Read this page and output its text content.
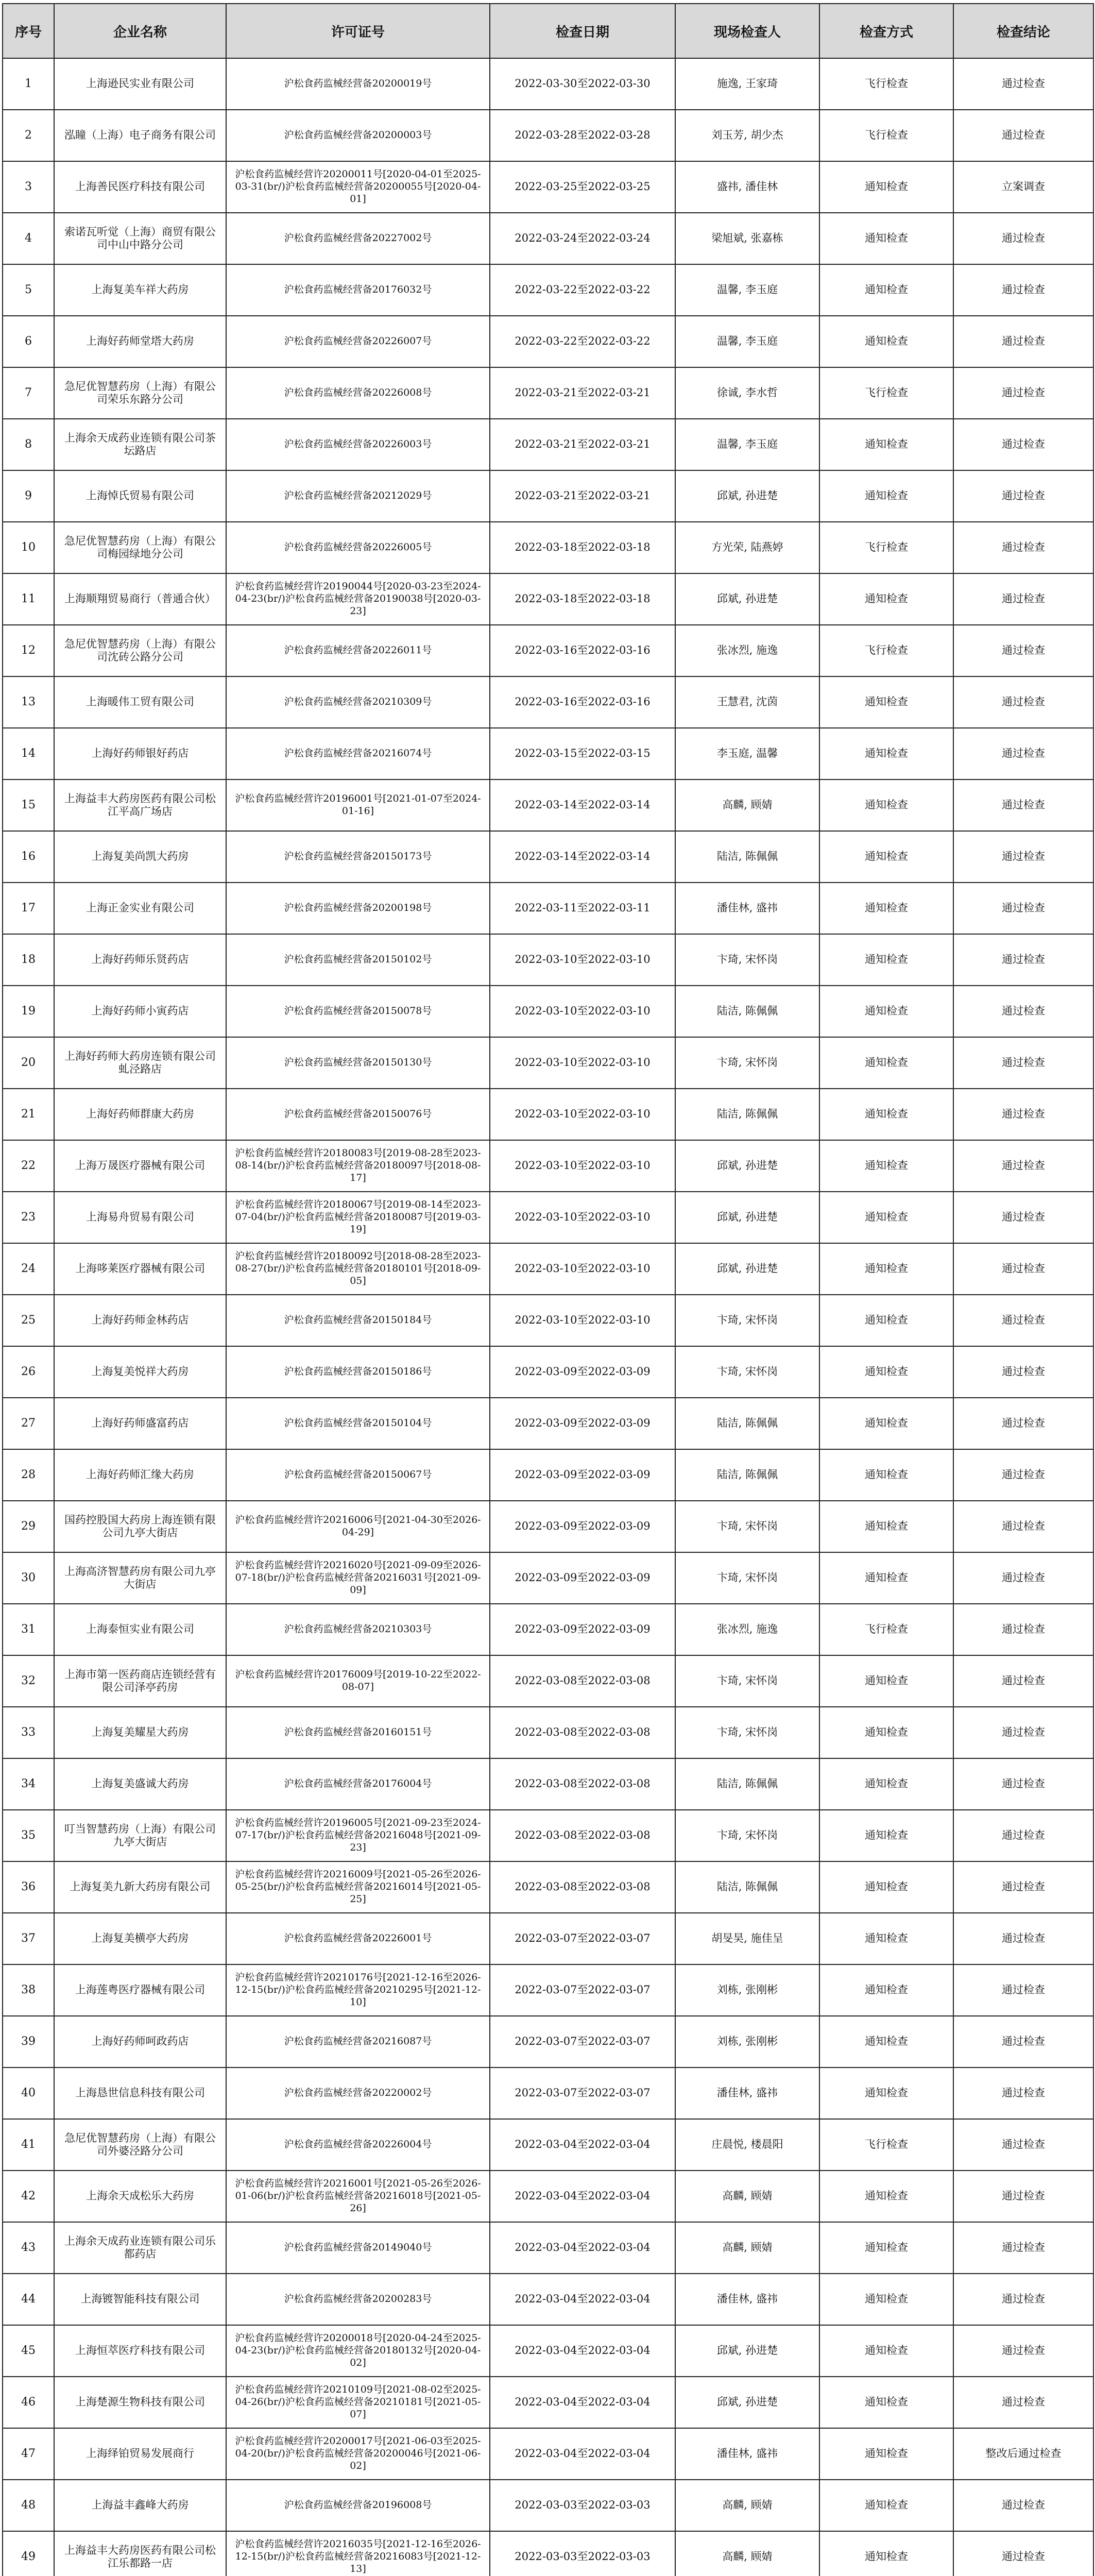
序号	企业名称	许可证号	检查日期	现场检查人	检查方式	检查结论
1	上海逊民实业有限公司	沪松食药监械经营备20200019号	2022-03-30至2022-03-30	施逸, 王家琦	飞行检查	通过检查
2	泓瞳（上海）电子商务有限公司	沪松食药监械经营备20200003号	2022-03-28至2022-03-28	刘玉芳, 胡少杰	飞行检查	通过检查
3	上海善民医疗科技有限公司	沪松食药监械经营许20200011号[2020-04-01至2025-03-31(br/)沪松食药监械经营备20200055号[2020-04-01]	2022-03-25至2022-03-25	盛祎, 潘佳林	通知检查	立案调查
4	索诺瓦听觉（上海）商贸有限公司中山中路分公司	沪松食药监械经营备20227002号	2022-03-24至2022-03-24	梁旭斌, 张嘉栋	通知检查	通过检查
5	上海复美车祥大药房	沪松食药监械经营备20176032号	2022-03-22至2022-03-22	温馨, 李玉庭	通知检查	通过检查
6	上海好药师堂塔大药房	沪松食药监械经营备20226007号	2022-03-22至2022-03-22	温馨, 李玉庭	通知检查	通过检查
7	急尼优智慧药房（上海）有限公司荣乐东路分公司	沪松食药监械经营备20226008号	2022-03-21至2022-03-21	徐诚, 李水哲	飞行检查	通过检查
8	上海余天成药业连锁有限公司茶坛路店	沪松食药监械经营备20226003号	2022-03-21至2022-03-21	温馨, 李玉庭	通知检查	通过检查
9	上海悼氏贸易有限公司	沪松食药监械经营备20212029号	2022-03-21至2022-03-21	邱斌, 孙进楚	通知检查	通过检查
10	急尼优智慧药房（上海）有限公司梅园绿地分公司	沪松食药监械经营备20226005号	2022-03-18至2022-03-18	方光荣, 陆燕婷	飞行检查	通过检查
11	上海顺翔贸易商行（普通合伙）	沪松食药监械经营许20190044号[2020-03-23至2024-04-23(br/)沪松食药监械经营备20190038号[2020-03-23]	2022-03-18至2022-03-18	邱斌, 孙进楚	通知检查	通过检查
12	急尼优智慧药房（上海）有限公司沈砖公路分公司	沪松食药监械经营备20226011号	2022-03-16至2022-03-16	张冰烈, 施逸	飞行检查	通过检查
13	上海暖伟工贸有限公司	沪松食药监械经营备20210309号	2022-03-16至2022-03-16	王慧君, 沈茵	通知检查	通过检查
14	上海好药师银好药店	沪松食药监械经营备20216074号	2022-03-15至2022-03-15	李玉庭, 温馨	通知检查	通过检查
15	上海益丰大药房医药有限公司松江平高广场店	沪松食药监械经营许20196001号[2021-01-07至2024-01-16]	2022-03-14至2022-03-14	高麟, 顾婧	通知检查	通过检查
16	上海复美尚凯大药房	沪松食药监械经营备20150173号	2022-03-14至2022-03-14	陆洁, 陈佩佩	通知检查	通过检查
17	上海正金实业有限公司	沪松食药监械经营备20200198号	2022-03-11至2022-03-11	潘佳林, 盛祎	通知检查	通过检查
18	上海好药师乐贤药店	沪松食药监械经营备20150102号	2022-03-10至2022-03-10	卞琦, 宋怀岗	通知检查	通过检查
19	上海好药师小寅药店	沪松食药监械经营备20150078号	2022-03-10至2022-03-10	陆洁, 陈佩佩	通知检查	通过检查
20	上海好药师大药房连锁有限公司虬泾路店	沪松食药监械经营备20150130号	2022-03-10至2022-03-10	卞琦, 宋怀岗	通知检查	通过检查
21	上海好药师群康大药房	沪松食药监械经营备20150076号	2022-03-10至2022-03-10	陆洁, 陈佩佩	通知检查	通过检查
22	上海万晟医疗器械有限公司	沪松食药监械经营许20180083号[2019-08-28至2023-08-14(br/)沪松食药监械经营备20180097号[2018-08-17]	2022-03-10至2022-03-10	邱斌, 孙进楚	通知检查	通过检查
23	上海易舟贸易有限公司	沪松食药监械经营许20180067号[2019-08-14至2023-07-04(br/)沪松食药监械经营备20180087号[2019-03-19]	2022-03-10至2022-03-10	邱斌, 孙进楚	通知检查	通过检查
24	上海哆莱医疗器械有限公司	沪松食药监械经营许20180092号[2018-08-28至2023-08-27(br/)沪松食药监械经营备20180101号[2018-09-05]	2022-03-10至2022-03-10	邱斌, 孙进楚	通知检查	通过检查
25	上海好药师金林药店	沪松食药监械经营备20150184号	2022-03-10至2022-03-10	卞琦, 宋怀岗	通知检查	通过检查
26	上海复美悦祥大药房	沪松食药监械经营备20150186号	2022-03-09至2022-03-09	卞琦, 宋怀岗	通知检查	通过检查
27	上海好药师盛富药店	沪松食药监械经营备20150104号	2022-03-09至2022-03-09	陆洁, 陈佩佩	通知检查	通过检查
28	上海好药师汇缘大药房	沪松食药监械经营备20150067号	2022-03-09至2022-03-09	陆洁, 陈佩佩	通知检查	通过检查
29	国药控股国大药房上海连锁有限公司九亭大街店	沪松食药监械经营许20216006号[2021-04-30至2026-04-29]	2022-03-09至2022-03-09	卞琦, 宋怀岗	通知检查	通过检查
30	上海高济智慧药房有限公司九亭大街店	沪松食药监械经营许20216020号[2021-09-09至2026-07-18(br/)沪松食药监械经营备20216031号[2021-09-09]	2022-03-09至2022-03-09	卞琦, 宋怀岗	通知检查	通过检查
31	上海泰恒实业有限公司	沪松食药监械经营备20210303号	2022-03-09至2022-03-09	张冰烈, 施逸	飞行检查	通过检查
32	上海市第一医药商店连锁经营有限公司泽亭药房	沪松食药监械经营许20176009号[2019-10-22至2022-08-07]	2022-03-08至2022-03-08	卞琦, 宋怀岗	通知检查	通过检查
33	上海复美耀星大药房	沪松食药监械经营备20160151号	2022-03-08至2022-03-08	卞琦, 宋怀岗	通知检查	通过检查
34	上海复美盛诚大药房	沪松食药监械经营备20176004号	2022-03-08至2022-03-08	陆洁, 陈佩佩	通知检查	通过检查
35	叮当智慧药房（上海）有限公司九亭大街店	沪松食药监械经营许20196005号[2021-09-23至2024-07-17(br/)沪松食药监械经营备20216048号[2021-09-23]	2022-03-08至2022-03-08	卞琦, 宋怀岗	通知检查	通过检查
36	上海复美九新大药房有限公司	沪松食药监械经营许20216009号[2021-05-26至2026-05-25(br/)沪松食药监械经营备20216014号[2021-05-25]	2022-03-08至2022-03-08	陆洁, 陈佩佩	通知检查	通过检查
37	上海复美横亭大药房	沪松食药监械经营备20226001号	2022-03-07至2022-03-07	胡旻昊, 施佳呈	通知检查	通过检查
38	上海莲粤医疗器械有限公司	沪松食药监械经营许20210176号[2021-12-16至2026-12-15(br/)沪松食药监械经营备20210295号[2021-12-10]	2022-03-07至2022-03-07	刘栋, 张刚彬	通知检查	通过检查
39	上海好药师呵政药店	沪松食药监械经营备20216087号	2022-03-07至2022-03-07	刘栋, 张刚彬	通知检查	通过检查
40	上海恳世信息科技有限公司	沪松食药监械经营备20220002号	2022-03-07至2022-03-07	潘佳林, 盛祎	通知检查	通过检查
41	急尼优智慧药房（上海）有限公司外婆泾路分公司	沪松食药监械经营备20226004号	2022-03-04至2022-03-04	庄晨悦, 楼晨阳	飞行检查	通过检查
42	上海余天成松乐大药房	沪松食药监械经营许20216001号[2021-05-26至2026-01-06(br/)沪松食药监械经营备20216018号[2021-05-26]	2022-03-04至2022-03-04	高麟, 顾婧	通知检查	通过检查
43	上海余天成药业连锁有限公司乐都药店	沪松食药监械经营备20149040号	2022-03-04至2022-03-04	高麟, 顾婧	通知检查	通过检查
44	上海镀智能科技有限公司	沪松食药监械经营备20200283号	2022-03-04至2022-03-04	潘佳林, 盛祎	通知检查	通过检查
45	上海恒萃医疗科技有限公司	沪松食药监械经营许20200018号[2020-04-24至2025-04-23(br/)沪松食药监械经营备20180132号[2020-04-02]	2022-03-04至2022-03-04	邱斌, 孙进楚	通知检查	通过检查
46	上海楚源生物科技有限公司	沪松食药监械经营许20210109号[2021-08-02至2025-04-26(br/)沪松食药监械经营备20210181号[2021-05-07]	2022-03-04至2022-03-04	邱斌, 孙进楚	通知检查	通过检查
47	上海绎铂贸易发展商行	沪松食药监械经营许20200017号[2021-06-03至2025-04-20(br/)沪松食药监械经营备20200046号[2021-06-02]	2022-03-04至2022-03-04	潘佳林, 盛祎	通知检查	整改后通过检查
48	上海益丰鑫峰大药房	沪松食药监械经营备20196008号	2022-03-03至2022-03-03	高麟, 顾婧	通知检查	通过检查
49	上海益丰大药房医药有限公司松江乐都路一店	沪松食药监械经营许20216035号[2021-12-16至2026-12-15(br/)沪松食药监械经营备20216083号[2021-12-13]	2022-03-03至2022-03-03	高麟, 顾婧	通知检查	通过检查
